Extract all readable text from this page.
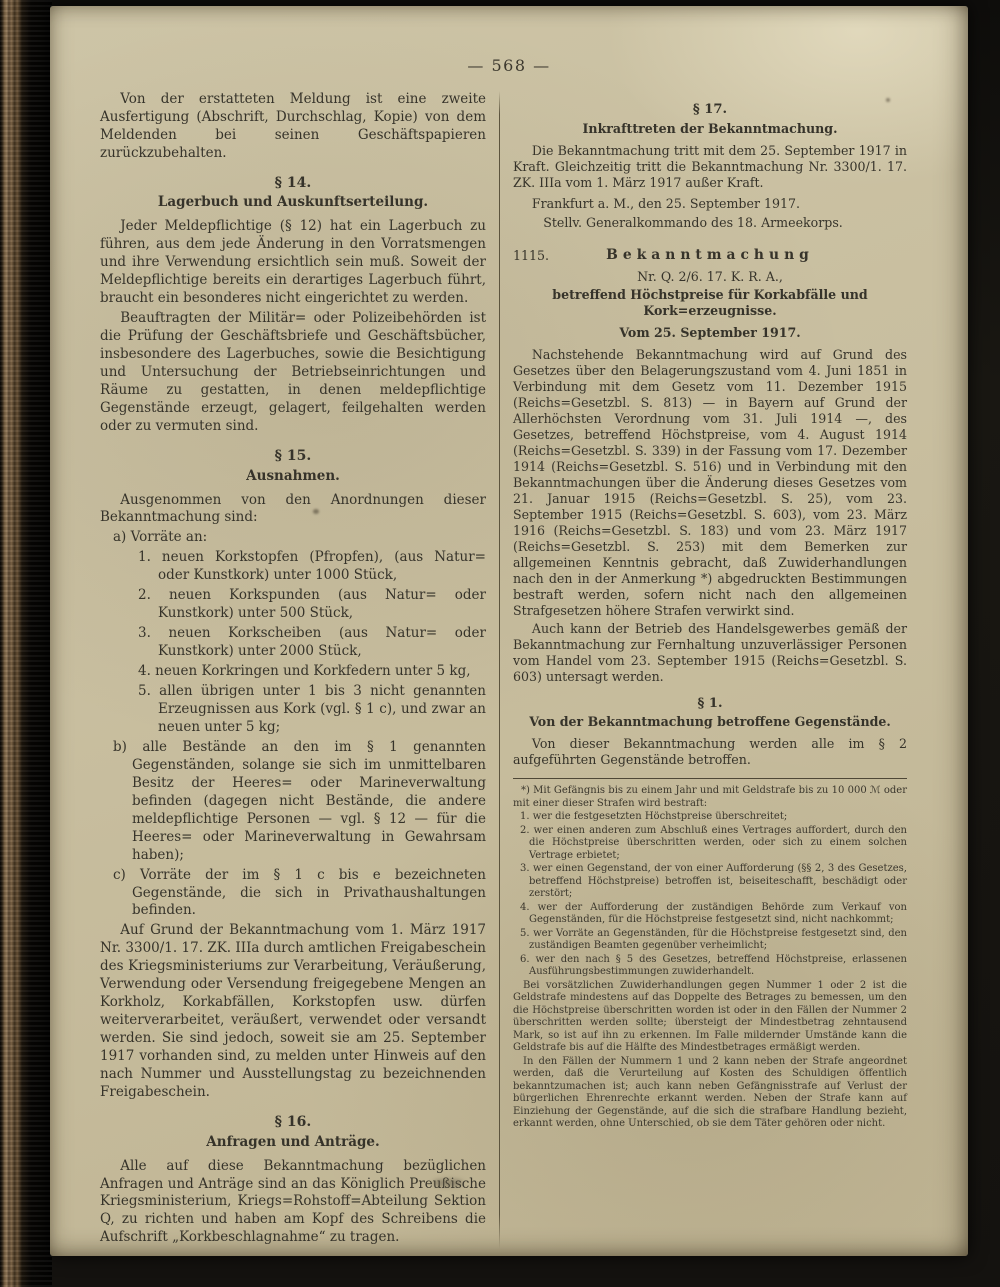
— 568 —

Von der erstatteten Meldung ist eine zweite Ausfertigung (Abschrift, Durchschlag, Kopie) von dem Meldenden bei seinen Geschäftspapieren zurückzubehalten.

§ 14.
Lagerbuch und Auskunftserteilung.

Jeder Meldepflichtige (§ 12) hat ein Lagerbuch zu führen, aus dem jede Änderung in den Vorratsmengen und ihre Verwendung ersichtlich sein muß. Soweit der Meldepflichtige bereits ein derartiges Lagerbuch führt, braucht ein besonderes nicht eingerichtet zu werden.

Beauftragten der Militär= oder Polizeibehörden ist die Prüfung der Geschäftsbriefe und Geschäftsbücher, insbesondere des Lagerbuches, sowie die Besichtigung und Untersuchung der Betriebseinrichtungen und Räume zu gestatten, in denen meldepflichtige Gegenstände erzeugt, gelagert, feilgehalten werden oder zu vermuten sind.

§ 15.
Ausnahmen.

Ausgenommen von den Anordnungen dieser Bekanntmachung sind:

a) Vorräte an:

1. neuen Korkstopfen (Pfropfen), (aus Natur= oder Kunstkork) unter 1000 Stück,

2. neuen Korkspunden (aus Natur= oder Kunstkork) unter 500 Stück,

3. neuen Korkscheiben (aus Natur= oder Kunstkork) unter 2000 Stück,

4. neuen Korkringen und Korkfedern unter 5 kg,

5. allen übrigen unter 1 bis 3 nicht genannten Erzeugnissen aus Kork (vgl. § 1 c), und zwar an neuen unter 5 kg;

b) alle Bestände an den im § 1 genannten Gegenständen, solange sie sich im unmittelbaren Besitz der Heeres= oder Marineverwaltung befinden (dagegen nicht Bestände, die andere meldepflichtige Personen — vgl. § 12 — für die Heeres= oder Marineverwaltung in Gewahrsam haben);

c) Vorräte der im § 1 c bis e bezeichneten Gegenstände, die sich in Privathaushaltungen befinden.

Auf Grund der Bekanntmachung vom 1. März 1917 Nr. 3300/1. 17. ZK. IIIa durch amtlichen Freigabeschein des Kriegsministeriums zur Verarbeitung, Veräußerung, Verwendung oder Versendung freigegebene Mengen an Korkholz, Korkabfällen, Korkstopfen usw. dürfen weiterverarbeitet, veräußert, verwendet oder versandt werden. Sie sind jedoch, soweit sie am 25. September 1917 vorhanden sind, zu melden unter Hinweis auf den nach Nummer und Ausstellungstag zu bezeichnenden Freigabeschein.

§ 16.
Anfragen und Anträge.

Alle auf diese Bekanntmachung bezüglichen Anfragen und Anträge sind an das Königlich Preußische Kriegsministerium, Kriegs=Rohstoff=Abteilung Sektion Q, zu richten und haben am Kopf des Schreibens die Aufschrift „Korkbeschlagnahme“ zu tragen.

§ 17.
Inkrafttreten der Bekanntmachung.

Die Bekanntmachung tritt mit dem 25. September 1917 in Kraft. Gleichzeitig tritt die Bekanntmachung Nr. 3300/1. 17. ZK. IIIa vom 1. März 1917 außer Kraft.

Frankfurt a. M., den 25. September 1917.

Stellv. Generalkommando des 18. Armeekorps.

1115.	Bekanntmachung
Nr. Q. 2/6. 17. K. R. A.,
betreffend Höchstpreise für Korkabfälle und Kork=erzeugnisse.
Vom 25. September 1917.

Nachstehende Bekanntmachung wird auf Grund des Gesetzes über den Belagerungszustand vom 4. Juni 1851 in Verbindung mit dem Gesetz vom 11. Dezember 1915 (Reichs=Gesetzbl. S. 813) — in Bayern auf Grund der Allerhöchsten Verordnung vom 31. Juli 1914 —, des Gesetzes, betreffend Höchstpreise, vom 4. August 1914 (Reichs=Gesetzbl. S. 339) in der Fassung vom 17. Dezember 1914 (Reichs=Gesetzbl. S. 516) und in Verbindung mit den Bekanntmachungen über die Änderung dieses Gesetzes vom 21. Januar 1915 (Reichs=Gesetzbl. S. 25), vom 23. September 1915 (Reichs=Gesetzbl. S. 603), vom 23. März 1916 (Reichs=Gesetzbl. S. 183) und vom 23. März 1917 (Reichs=Gesetzbl. S. 253) mit dem Bemerken zur allgemeinen Kenntnis gebracht, daß Zuwiderhandlungen nach den in der Anmerkung *) abgedruckten Bestimmungen bestraft werden, sofern nicht nach den allgemeinen Strafgesetzen höhere Strafen verwirkt sind.

Auch kann der Betrieb des Handelsgewerbes gemäß der Bekanntmachung zur Fernhaltung unzuverlässiger Personen vom Handel vom 23. September 1915 (Reichs=Gesetzbl. S. 603) untersagt werden.

§ 1.
Von der Bekanntmachung betroffene Gegenstände.

Von dieser Bekanntmachung werden alle im § 2 aufgeführten Gegenstände betroffen.

*) Mit Gefängnis bis zu einem Jahr und mit Geldstrafe bis zu 10 000 ℳ oder mit einer dieser Strafen wird bestraft:

1. wer die festgesetzten Höchstpreise überschreitet;

2. wer einen anderen zum Abschluß eines Vertrages auffordert, durch den die Höchstpreise überschritten werden, oder sich zu einem solchen Vertrage erbietet;

3. wer einen Gegenstand, der von einer Aufforderung (§§ 2, 3 des Gesetzes, betreffend Höchstpreise) betroffen ist, beiseiteschafft, beschädigt oder zerstört;

4. wer der Aufforderung der zuständigen Behörde zum Verkauf von Gegenständen, für die Höchstpreise festgesetzt sind, nicht nachkommt;

5. wer Vorräte an Gegenständen, für die Höchstpreise festgesetzt sind, den zuständigen Beamten gegenüber verheimlicht;

6. wer den nach § 5 des Gesetzes, betreffend Höchstpreise, erlassenen Ausführungsbestimmungen zuwiderhandelt.

Bei vorsätzlichen Zuwiderhandlungen gegen Nummer 1 oder 2 ist die Geldstrafe mindestens auf das Doppelte des Betrages zu bemessen, um den die Höchstpreise überschritten worden ist oder in den Fällen der Nummer 2 überschritten werden sollte; übersteigt der Mindestbetrag zehntausend Mark, so ist auf ihn zu erkennen. Im Falle mildernder Umstände kann die Geldstrafe bis auf die Hälfte des Mindestbetrages ermäßigt werden.

In den Fällen der Nummern 1 und 2 kann neben der Strafe angeordnet werden, daß die Verurteilung auf Kosten des Schuldigen öffentlich bekanntzumachen ist; auch kann neben Gefängnisstrafe auf Verlust der bürgerlichen Ehrenrechte erkannt werden. Neben der Strafe kann auf Einziehung der Gegenstände, auf die sich die strafbare Handlung bezieht, erkannt werden, ohne Unterschied, ob sie dem Täter gehören oder nicht.
